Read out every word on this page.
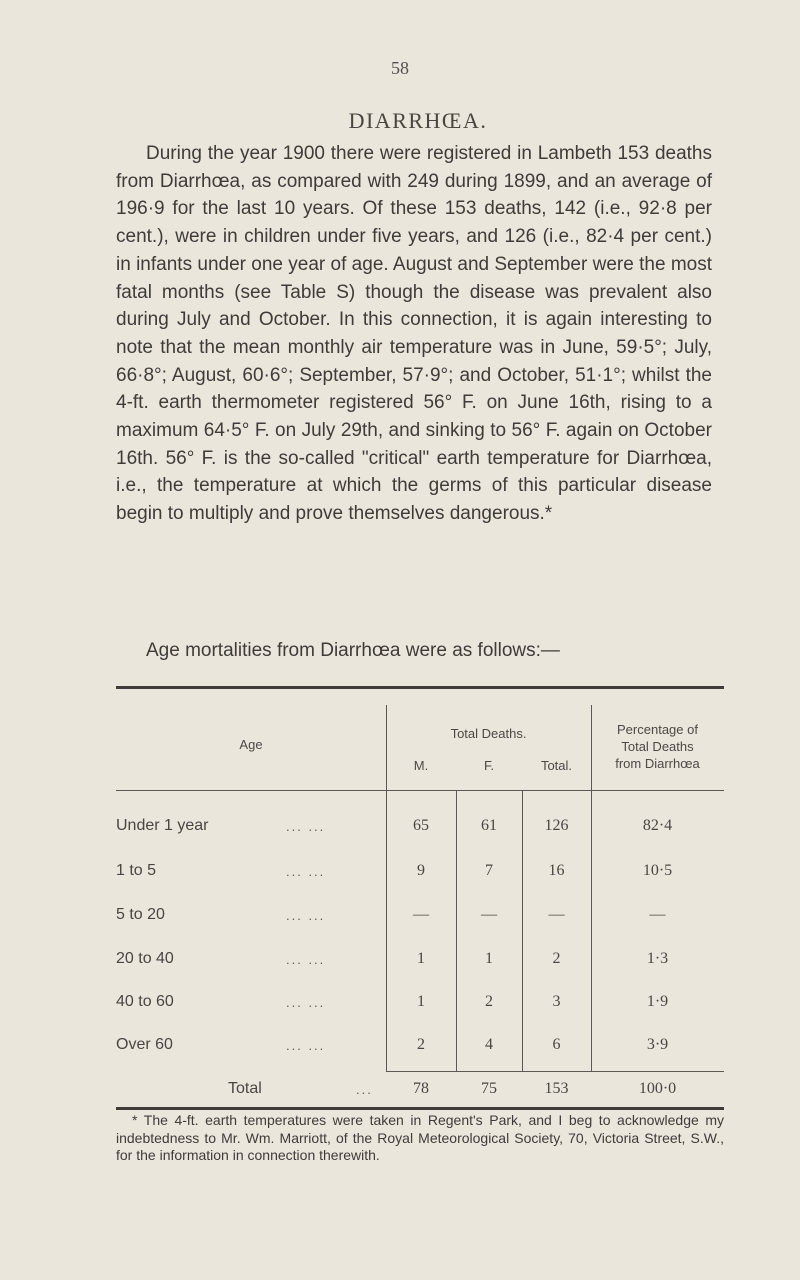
58
DIARRHŒA.

During the year 1900 there were registered in Lambeth 153 deaths from Diarrhœa, as compared with 249 during 1899, and an average of 196·9 for the last 10 years. Of these 153 deaths, 142 (i.e., 92·8 per cent.), were in children under five years, and 126 (i.e., 82·4 per cent.) in infants under one year of age. August and September were the most fatal months (see Table S) though the disease was prevalent also during July and October. In this connection, it is again interesting to note that the mean monthly air temperature was in June, 59·5°; July, 66·8°; August, 60·6°; September, 57·9°; and October, 51·1°; whilst the 4-ft. earth thermometer registered 56° F. on June 16th, rising to a maximum 64·5° F. on July 29th, and sinking to 56° F. again on October 16th. 56° F. is the so-called "critical" earth temperature for Diarrhœa, i.e., the temperature at which the germs of this particular disease begin to multiply and prove themselves dangerous.*

Age mortalities from Diarrhœa were as follows:—
Age
Total Deaths.
M.	F.	Total.
Percentage of
Total Deaths
from Diarrhœa
Under 1 year	... ...	65	61	126	82·4
1 to 5	... ...	9	7	16	10·5
5 to 20	... ...	—	—	—	—
20 to 40	... ...	1	1	2	1·3
40 to 60	... ...	1	2	3	1·9
Over 60	... ...	2	4	6	3·9
Total	...	78	75	153	100·0

* The 4-ft. earth temperatures were taken in Regent's Park, and I beg to acknowledge my indebtedness to Mr. Wm. Marriott, of the Royal Meteorological Society, 70, Victoria Street, S.W., for the information in connection therewith.
